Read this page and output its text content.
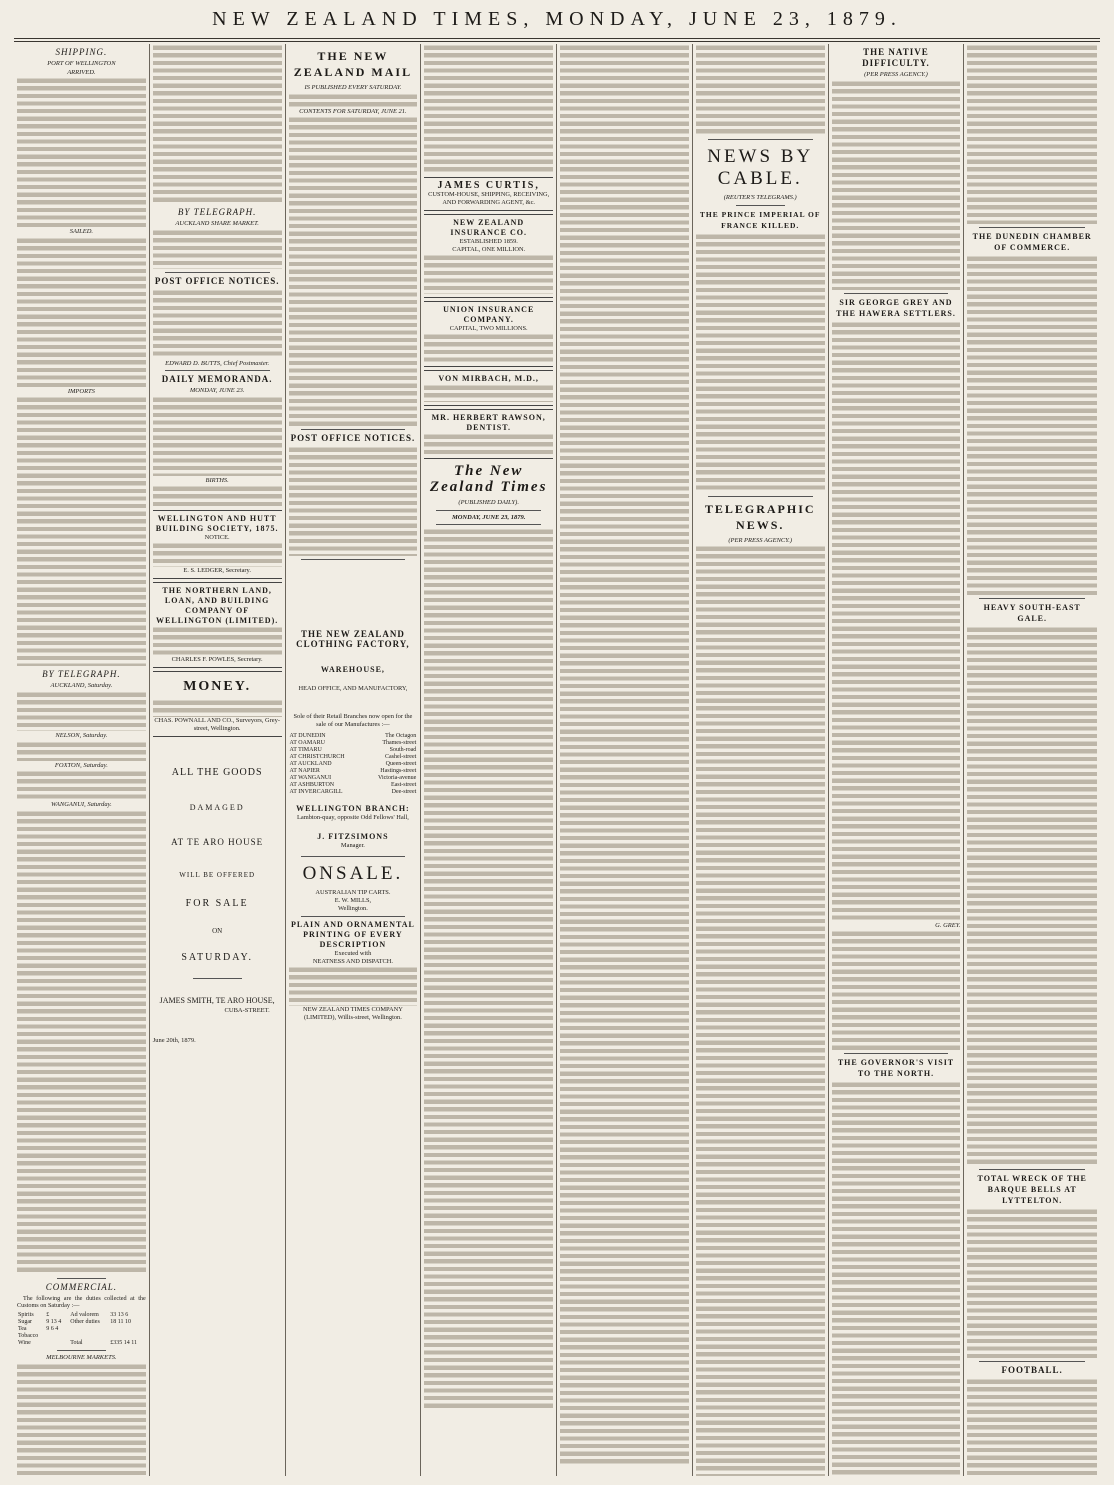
NEW ZEALAND TIMES, MONDAY, JUNE 23, 1879.
SHIPPING.
PORT OF WELLINGTON
ARRIVED.
SAILED.
IMPORTS
BY TELEGRAPH.
AUCKLAND, Saturday.
NELSON, Saturday.
FOXTON, Saturday.
WANGANUI, Saturday.
COMMERCIAL.

The following are the duties collected at the Customs on Saturday :—

Spirits	£		Ad valorem	33 13 6
Sugar	9 13 4		Other duties	18 11 10
Tea	9 6 4			
Tobacco				
Wine			Total	£335 14 11
MELBOURNE MARKETS.
BY TELEGRAPH.
AUCKLAND SHARE MARKET.
POST OFFICE NOTICES.
EDWARD D. BUTTS, Chief Postmaster.
DAILY MEMORANDA.
MONDAY, JUNE 23.
BIRTHS.
WELLINGTON AND HUTT BUILDING SOCIETY, 1875.
NOTICE.
E. S. LEDGER, Secretary.
THE NORTHERN LAND, LOAN, AND BUILDING COMPANY OF WELLINGTON (LIMITED).
CHARLES F. POWLES, Secretary.
MONEY.
CHAS. POWNALL AND CO., Surveyors, Grey-street, Wellington.
ALL THE GOODS
DAMAGED
AT TE ARO HOUSE
WILL BE OFFERED
FOR SALE
ON
SATURDAY.
JAMES SMITH, TE ARO HOUSE,
CUBA-STREET.
June 20th, 1879.
THE NEW ZEALAND MAIL
IS PUBLISHED EVERY SATURDAY.
CONTENTS FOR SATURDAY, JUNE 21.
POST OFFICE NOTICES.
THE NEW ZEALAND CLOTHING FACTORY,
WAREHOUSE,
HEAD OFFICE, AND MANUFACTORY,
Sole of their Retail Branches now open for the sale of our Manufactures :—
AT DUNEDIN	The Octagon
AT OAMARU	Thames-street
AT TIMARU	South-road
AT CHRISTCHURCH	Cashel-street
AT AUCKLAND	Queen-street
AT NAPIER	Hastings-street
AT WANGANUI	Victoria-avenue
AT ASHBURTON	East-street
AT INVERCARGILL	Dee-street
WELLINGTON BRANCH:
Lambton-quay, opposite Odd Fellows' Hall,
J. FITZSIMONS
Manager.
ONSALE.
AUSTRALIAN TIP CARTS.
E. W. MILLS,
Wellington.
PLAIN AND ORNAMENTAL PRINTING OF EVERY DESCRIPTION
Executed with
NEATNESS AND DISPATCH.
NEW ZEALAND TIMES COMPANY (LIMITED), Willis-street, Wellington.
JAMES CURTIS,
CUSTOM-HOUSE, SHIPPING, RECEIVING, AND FORWARDING AGENT, &c.
NEW ZEALAND INSURANCE CO.
ESTABLISHED 1859.
CAPITAL, ONE MILLION.
UNION INSURANCE COMPANY.
CAPITAL, TWO MILLIONS.
VON MIRBACH, M.D.,
MR. HERBERT RAWSON, DENTIST.
The New Zealand Times
(PUBLISHED DAILY).
MONDAY, JUNE 23, 1879.
NEWS BY CABLE.
(REUTER'S TELEGRAMS.)
THE PRINCE IMPERIAL OF FRANCE KILLED.
TELEGRAPHIC NEWS.
(PER PRESS AGENCY.)
THE NATIVE DIFFICULTY.
(PER PRESS AGENCY.)
SIR GEORGE GREY AND THE HAWERA SETTLERS.
G. GREY.
THE GOVERNOR'S VISIT TO THE NORTH.
THE DUNEDIN CHAMBER OF COMMERCE.
HEAVY SOUTH-EAST GALE.
TOTAL WRECK OF THE BARQUE BELLS AT LYTTELTON.
FOOTBALL.
